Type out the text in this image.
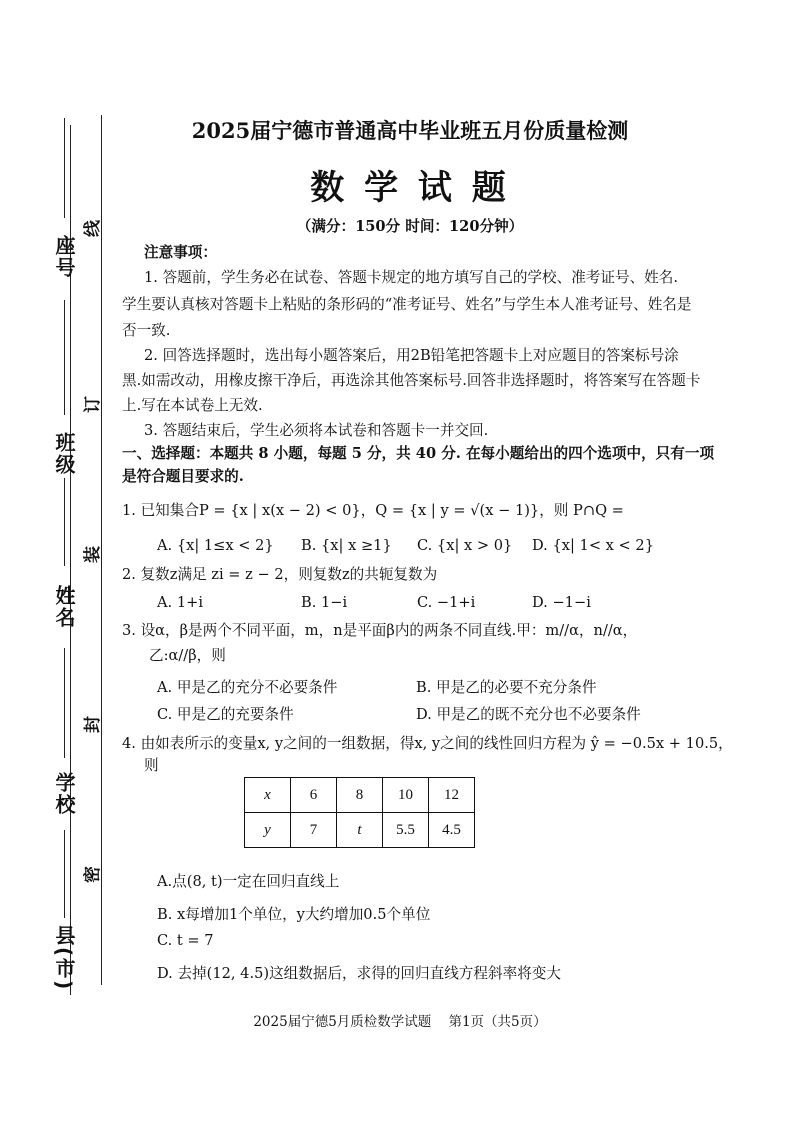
座号
班级
姓名
学校
县(市)
线
订
装
封
密
2025届宁德市普通高中毕业班五月份质量检测
数 学 试 题
（满分：150分 时间：120分钟）
注意事项：
1. 答题前，学生务必在试卷、答题卡规定的地方填写自己的学校、准考证号、姓名.
学生要认真核对答题卡上粘贴的条形码的“准考证号、姓名”与学生本人准考证号、姓名是
否一致.
2. 回答选择题时，选出每小题答案后，用2B铅笔把答题卡上对应题目的答案标号涂
黑.如需改动，用橡皮擦干净后，再选涂其他答案标号.回答非选择题时，将答案写在答题卡
上.写在本试卷上无效.
3. 答题结束后，学生必须将本试卷和答题卡一并交回.
一、选择题：本题共 8 小题，每题 5 分，共 40 分. 在每小题给出的四个选项中，只有一项
是符合题目要求的.
1. 已知集合P = {x | x(x − 2) < 0}，Q = {x | y = √(x − 1)}，则 P∩Q =
A. {x| 1≤x < 2} B. {x| x ≥1} C. {x| x > 0} D. {x| 1< x < 2}
2. 复数z满足 zi = z − 2，则复数z的共轭复数为
A. 1+i	B. 1−i	C. −1+i	D. −1−i
3. 设α，β是两个不同平面，m，n是平面β内的两条不同直线.甲：m//α，n//α，
乙:α//β，则
A. 甲是乙的充分不必要条件	B. 甲是乙的必要不充分条件
C. 甲是乙的充要条件	D. 甲是乙的既不充分也不必要条件
4. 由如表所示的变量x, y之间的一组数据，得x, y之间的线性回归方程为 ŷ = −0.5x + 10.5，
则
x	6	8	10	12
y	7	t	5.5	4.5
A.点(8, t)一定在回归直线上
B. x每增加1个单位，y大约增加0.5个单位
C. t = 7
D. 去掉(12, 4.5)这组数据后，求得的回归直线方程斜率将变大
2025届宁德5月质检数学试题    第1页（共5页）
